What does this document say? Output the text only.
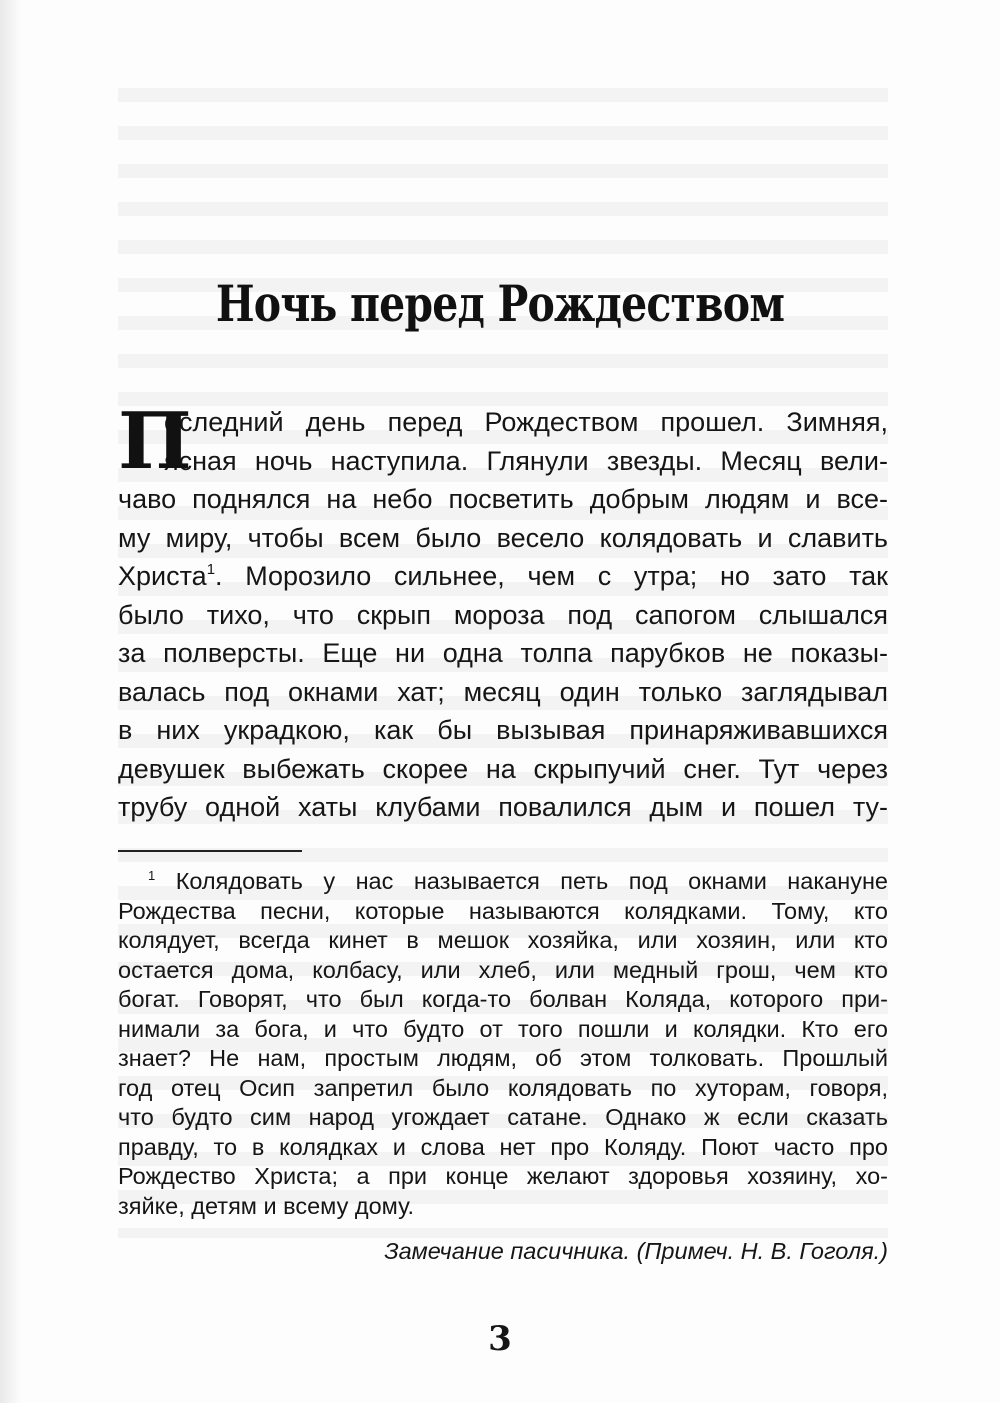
Ночь перед Рождеством
П
оследний день перед Рождеством прошел. Зимняя,
ясная ночь наступила. Глянули звезды. Месяц вели-
чаво поднялся на небо посветить добрым людям и все-
му миру, чтобы всем было весело колядовать и славить
Христа$^1$. Морозило сильнее, чем с утра; но зато так
было тихо, что скрып мороза под сапогом слышался
за полверсты. Еще ни одна толпа парубков не показы-
валась под окнами хат; месяц один только заглядывал
в них украдкою, как бы вызывая принаряживавшихся
девушек выбежать скорее на скрыпучий снег. Тут через
трубу одной хаты клубами повалился дым и пошел ту-
$^1$ Колядовать у нас называется петь под окнами накануне
Рождества песни, которые называются колядками. Тому, кто
колядует, всегда кинет в мешок хозяйка, или хозяин, или кто
остается дома, колбасу, или хлеб, или медный грош, чем кто
богат. Говорят, что был когда-то болван Коляда, которого при-
нимали за бога, и что будто от того пошли и колядки. Кто его
знает? Не нам, простым людям, об этом толковать. Прошлый
год отец Осип запретил было колядовать по хуторам, говоря,
что будто сим народ угождает сатане. Однако ж если сказать
правду, то в колядках и слова нет про Коляду. Поют часто про
Рождество Христа; а при конце желают здоровья хозяину, хо-
зяйке, детям и всему дому.
Замечание пасичника. (Примеч. Н. В. Гоголя.)
3
